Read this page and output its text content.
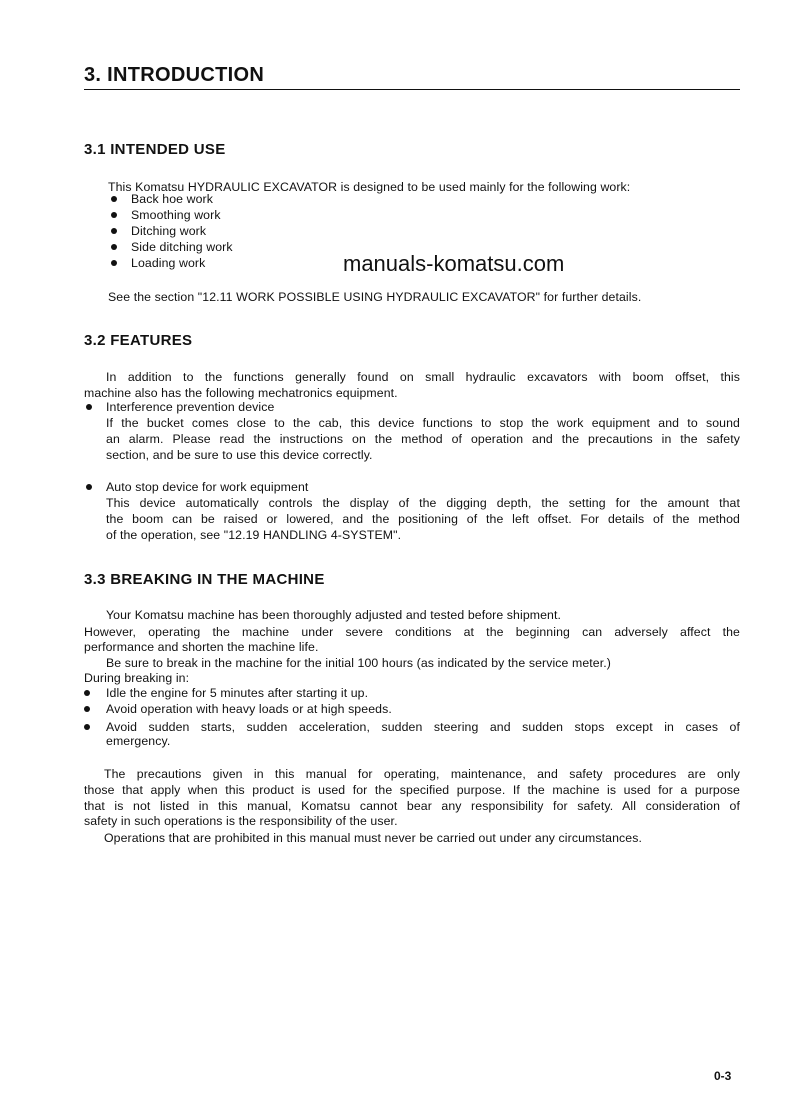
3. INTRODUCTION
3.1 INTENDED USE
3.2 FEATURES
3.3 BREAKING IN THE MACHINE
manuals-komatsu.com
0-3
This Komatsu HYDRAULIC EXCAVATOR is designed to be used mainly for the following work:
Back hoe work
Smoothing work
Ditching work
Side ditching work
Loading work
See the section "12.11 WORK POSSIBLE USING HYDRAULIC EXCAVATOR" for further details.
In addition to the functions generally found on small hydraulic excavators with boom offset, this
machine also has the following mechatronics equipment.
Interference prevention device
If the bucket comes close to the cab, this device functions to stop the work equipment and to sound
an alarm. Please read the instructions on the method of operation and the precautions in the safety
section, and be sure to use this device correctly.
Auto stop device for work equipment
This device automatically controls the display of the digging depth, the setting for the amount that
the boom can be raised or lowered, and the positioning of the left offset. For details of the method
of the operation, see "12.19 HANDLING 4-SYSTEM".
Your Komatsu machine has been thoroughly adjusted and tested before shipment.
However, operating the machine under severe conditions at the beginning can adversely affect the
performance and shorten the machine life.
Be sure to break in the machine for the initial 100 hours (as indicated by the service meter.)
During breaking in:
Idle the engine for 5 minutes after starting it up.
Avoid operation with heavy loads or at high speeds.
Avoid sudden starts, sudden acceleration, sudden steering and sudden stops except in cases of
emergency.
The precautions given in this manual for operating, maintenance, and safety procedures are only
those that apply when this product is used for the specified purpose. If the machine is used for a purpose
that is not listed in this manual, Komatsu cannot bear any responsibility for safety. All consideration of
safety in such operations is the responsibility of the user.
Operations that are prohibited in this manual must never be carried out under any circumstances.
